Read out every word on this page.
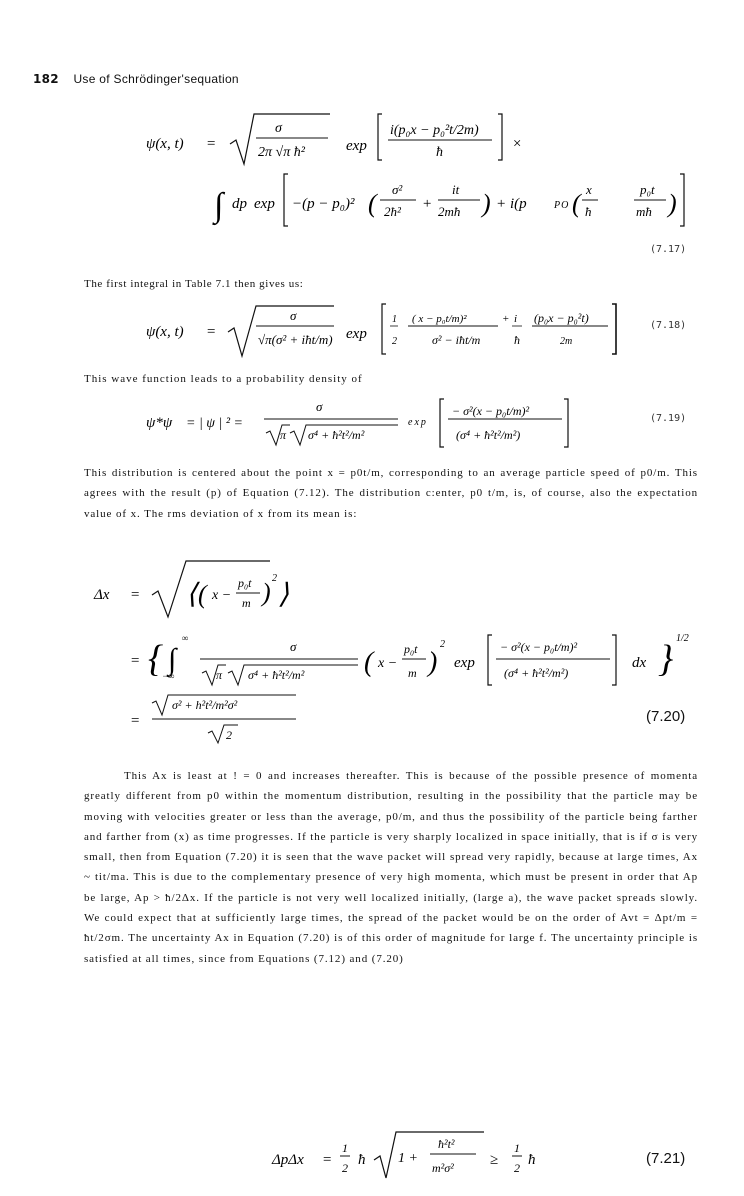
182 Use of Schrödinger'sequation
ψ(x, t) =
σ
2π √π ħ²	exp
i(p₀x − p₀²t/2m)
ħ
×
∫ dp exp −(p − p₀)² ( σ²
2ħ² +
it
2mħ ) + i(p	PO ( x
ħ
p₀t
mħ )
(7.17)
The first integral in Table 7.1 then gives us:
ψ(x, t) =
σ
√π(σ² + iħt/m) exp
1
2
( x − p₀t/m)²
σ² − iħt/m
+ i
ħ
(p₀x − p₀²t)
2m
(7.18)
This wave function leads to a probability density of
ψ*ψ = | ψ | ² =
σ
π σ⁴ + ħ²t²/m²
exp
− σ²(x − p₀t/m)²
(σ⁴ + ħ²t²/m²)
(7.19)
This distribution is centered about the point x = p0t/m, corresponding to an average particle speed of p0/m. This agrees with the result (p) of Equation (7.12). The distribution c:enter, p0 t/m, is, of course, also the expectation value of x. The rms deviation of x from its mean is:
Δx = ⟨ ( x −
p₀t
m ) 2
⟩
= { ∫
∞
−∞
σ
π σ⁴ + ħ²t²/m² ( x −
p₀t
m )
2
exp
− σ²(x − p₀t/m)²
(σ⁴ + ħ²t²/m²)
dx } 1/2
=
σ² + h²t²/m²σ²
2
(7.20)
This Ax is least at ! = 0 and increases thereafter. This is because of the possible presence of momenta greatly different from p0 within the momentum distribution, resulting in the possibility that the particle may be moving with velocities greater or less than the average, p0/m, and thus the possibility of the particle being farther and farther from (x) as time progresses. If the particle is very sharply localized in space initially, that is if σ is very small, then from Equation (7.20) it is seen that the wave packet will spread very rapidly, because at large times, Ax ~ tit/ma. This is due to the complementary presence of very high momenta, which must be present in order that Ap be large, Ap > ħ/2Δx. If the particle is not very well localized initially, (large a), the wave packet spreads slowly. We could expect that at sufficiently large times, the spread of the packet would be on the order of Avt = Δpt/m = ħt/2σm. The uncertainty Ax in Equation (7.20) is of this order of magnitude for large f. The uncertainty principle is satisfied at all times, since from Equations (7.12) and (7.20)
ΔpΔx =
1
2 ħ 1 +
ħ²t²
m²σ² ≥
1
2 ħ	(7.21)
